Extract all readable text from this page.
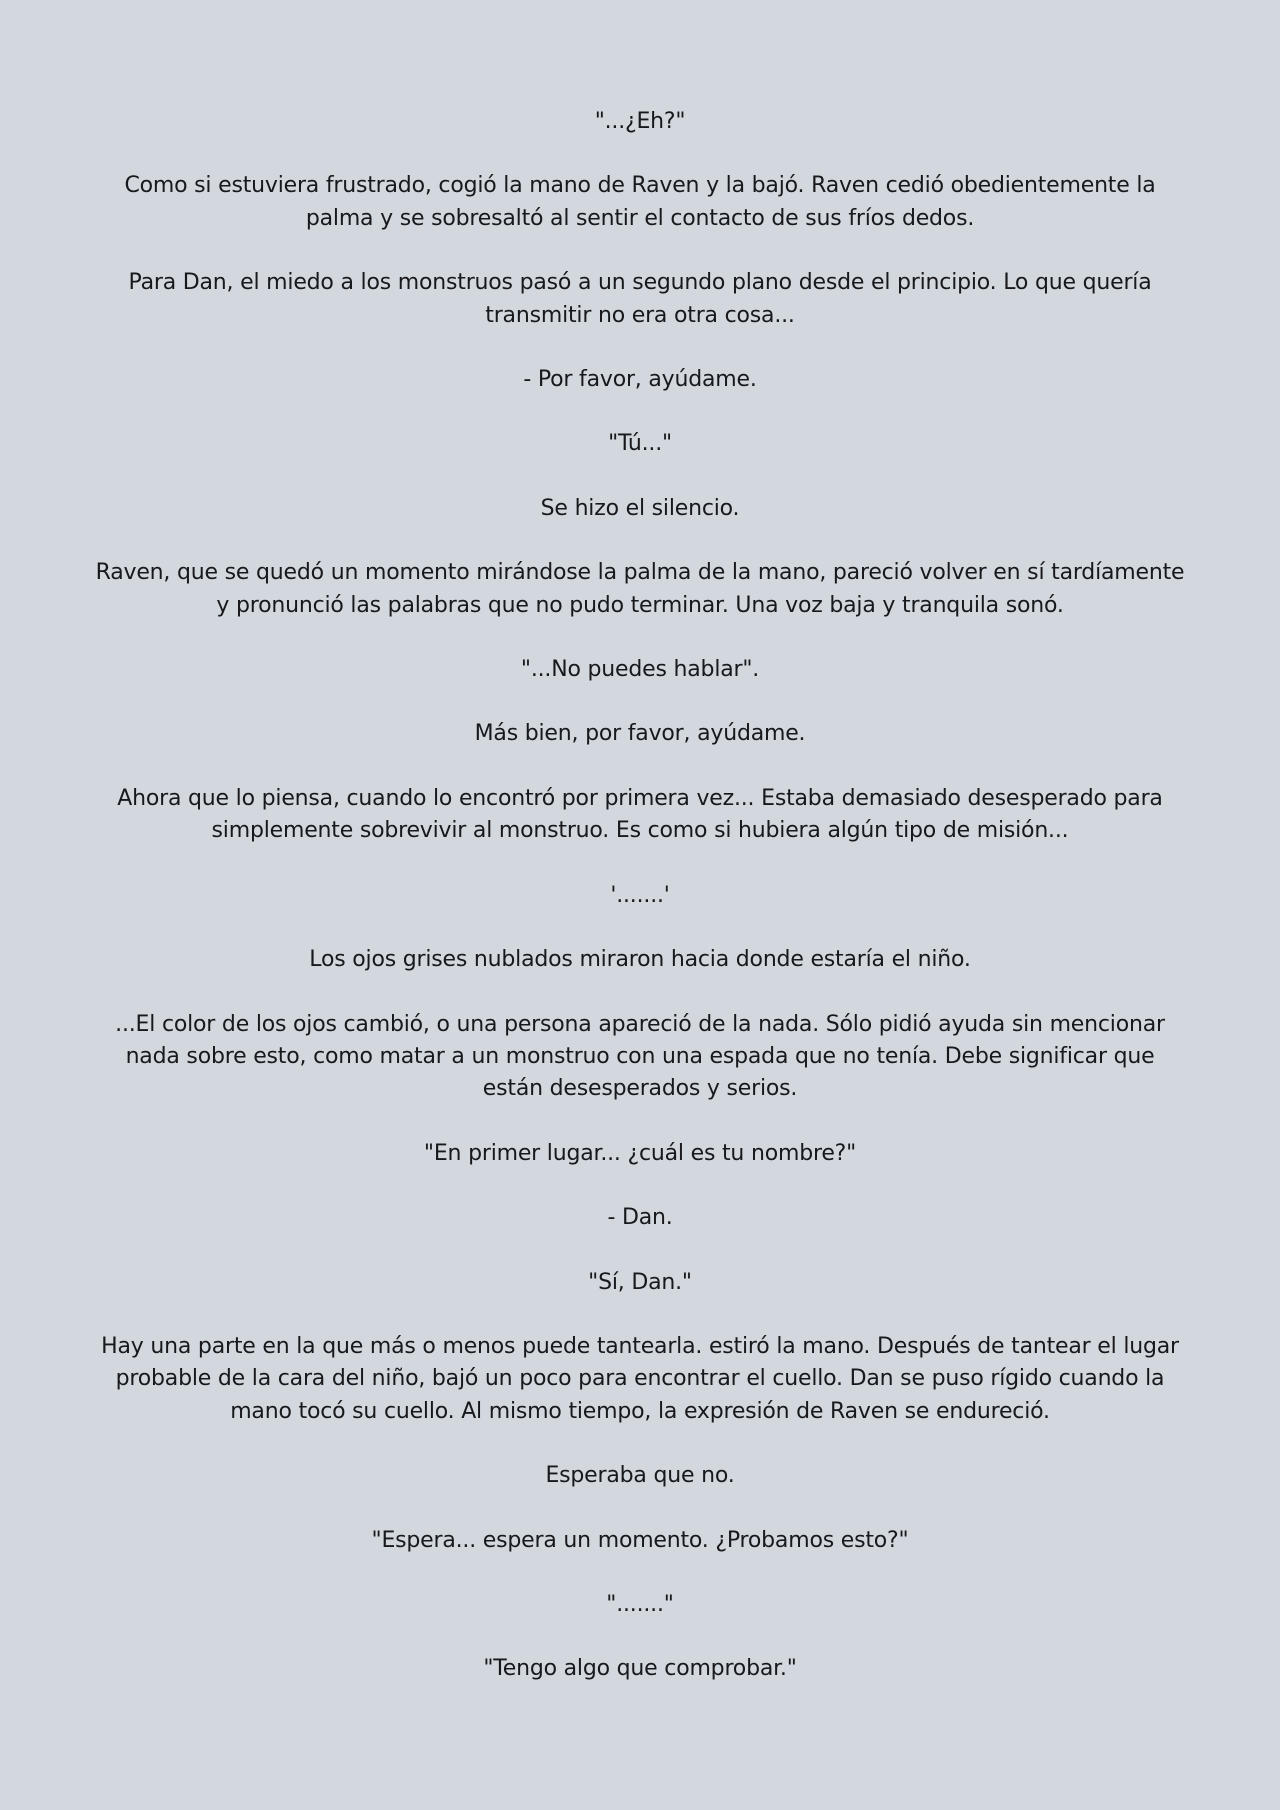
"...¿Eh?"

Como si estuviera frustrado, cogió la mano de Raven y la bajó. Raven cedió obedientemente la palma y se sobresaltó al sentir el contacto de sus fríos dedos.

Para Dan, el miedo a los monstruos pasó a un segundo plano desde el principio. Lo que quería transmitir no era otra cosa...

- Por favor, ayúdame.

"Tú..."

Se hizo el silencio.

Raven, que se quedó un momento mirándose la palma de la mano, pareció volver en sí tardíamente y pronunció las palabras que no pudo terminar. Una voz baja y tranquila sonó.

"...No puedes hablar".

Más bien, por favor, ayúdame.

Ahora que lo piensa, cuando lo encontró por primera vez... Estaba demasiado desesperado para simplemente sobrevivir al monstruo. Es como si hubiera algún tipo de misión...

'.......'

Los ojos grises nublados miraron hacia donde estaría el niño.

...El color de los ojos cambió, o una persona apareció de la nada. Sólo pidió ayuda sin mencionar nada sobre esto, como matar a un monstruo con una espada que no tenía. Debe significar que están desesperados y serios.

"En primer lugar... ¿cuál es tu nombre?"

- Dan.

"Sí, Dan."

Hay una parte en la que más o menos puede tantearla. estiró la mano. Después de tantear el lugar probable de la cara del niño, bajó un poco para encontrar el cuello. Dan se puso rígido cuando la mano tocó su cuello. Al mismo tiempo, la expresión de Raven se endureció.

Esperaba que no.

"Espera... espera un momento. ¿Probamos esto?"

"......."

"Tengo algo que comprobar."
